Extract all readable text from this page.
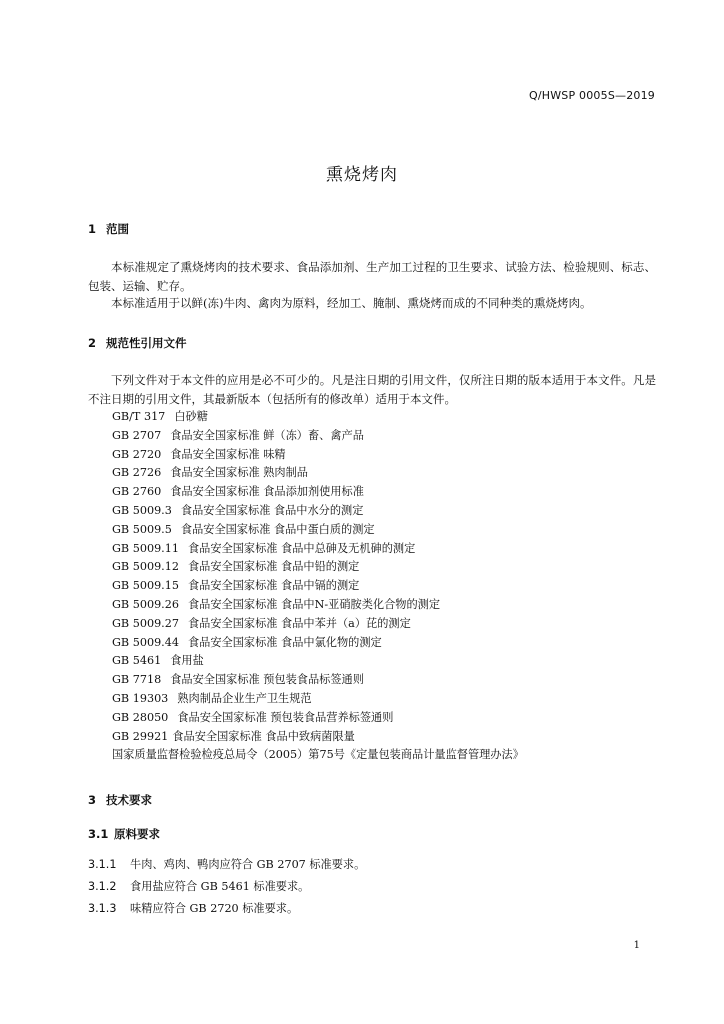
Q/HWSP 0005S—2019
熏烧烤肉
1 范围
本标准规定了熏烧烤肉的技术要求、食品添加剂、生产加工过程的卫生要求、试验方法、检验规则、标志、包装、运输、贮存。
本标准适用于以鲜(冻)牛肉、禽肉为原料，经加工、腌制、熏烧烤而成的不同种类的熏烧烤肉。
2 规范性引用文件
下列文件对于本文件的应用是必不可少的。凡是注日期的引用文件，仅所注日期的版本适用于本文件。凡是不注日期的引用文件，其最新版本（包括所有的修改单）适用于本文件。
GB/T 317 白砂糖
GB 2707 食品安全国家标准 鲜（冻）畜、禽产品
GB 2720 食品安全国家标准 味精
GB 2726 食品安全国家标准 熟肉制品
GB 2760 食品安全国家标准 食品添加剂使用标准
GB 5009.3 食品安全国家标准 食品中水分的测定
GB 5009.5 食品安全国家标准 食品中蛋白质的测定
GB 5009.11 食品安全国家标准 食品中总砷及无机砷的测定
GB 5009.12 食品安全国家标准 食品中铅的测定
GB 5009.15 食品安全国家标准 食品中镉的测定
GB 5009.26 食品安全国家标准 食品中N-亚硝胺类化合物的测定
GB 5009.27 食品安全国家标准 食品中苯并（a）芘的测定
GB 5009.44 食品安全国家标准 食品中氯化物的测定
GB 5461 食用盐
GB 7718 食品安全国家标准 预包装食品标签通则
GB 19303 熟肉制品企业生产卫生规范
GB 28050 食品安全国家标准 预包装食品营养标签通则
GB 29921 食品安全国家标准 食品中致病菌限量
国家质量监督检验检疫总局令（2005）第75号《定量包装商品计量监督管理办法》
3 技术要求
3.1 原料要求
3.1.1 牛肉、鸡肉、鸭肉应符合 GB 2707 标准要求。
3.1.2 食用盐应符合 GB 5461 标准要求。
3.1.3 味精应符合 GB 2720 标准要求。
1
